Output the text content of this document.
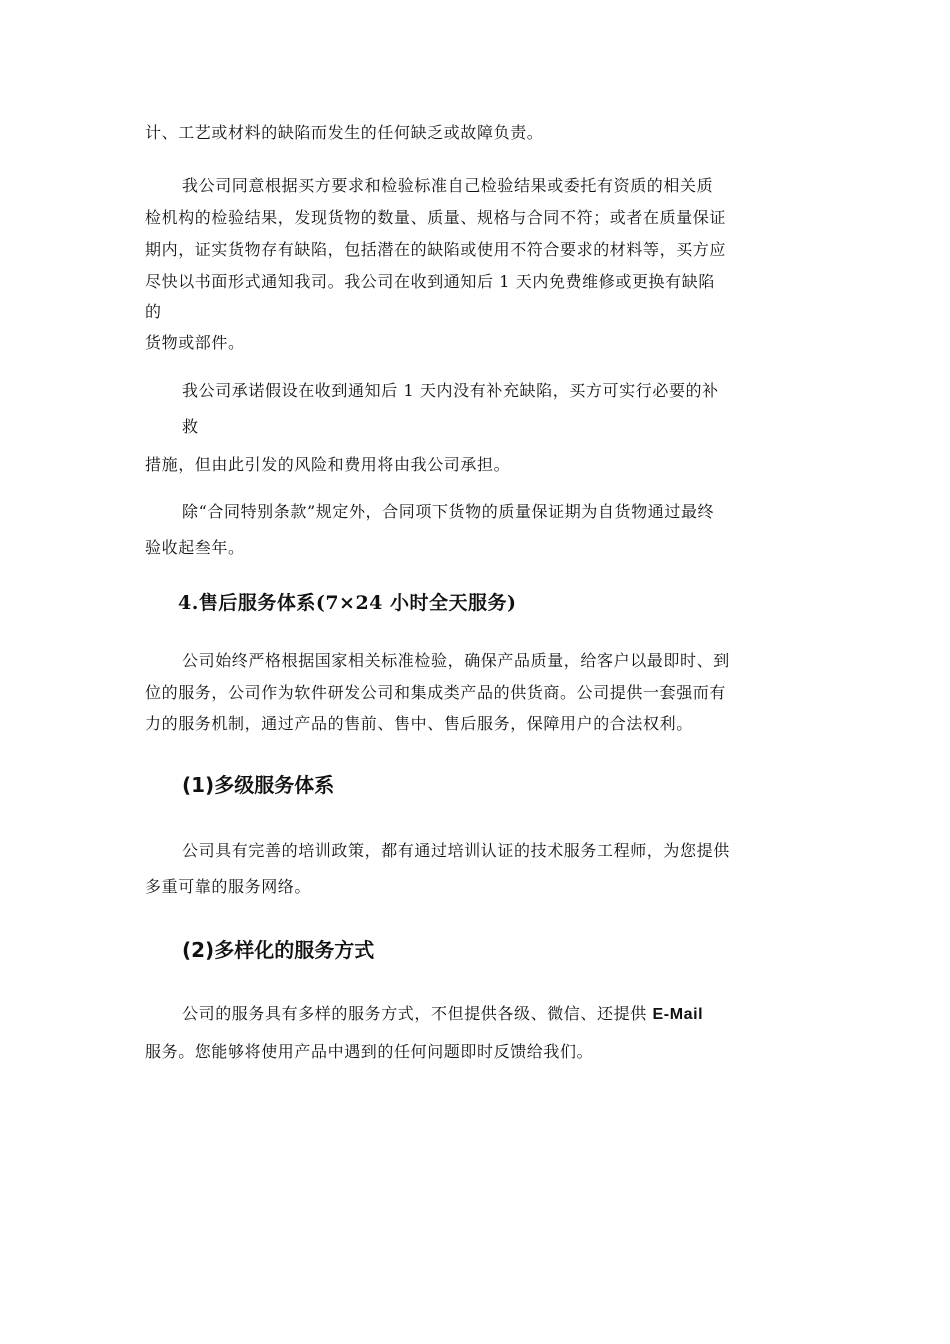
计、工艺或材料的缺陷而发生的任何缺乏或故障负责。
我公司同意根据买方要求和检验标准自己检验结果或委托有资质的相关质
检机构的检验结果，发现货物的数量、质量、规格与合同不符；或者在质量保证
期内，证实货物存有缺陷，包括潜在的缺陷或使用不符合要求的材料等，买方应
尽快以书面形式通知我司。我公司在收到通知后 1 天内免费维修或更换有缺陷
的
货物或部件。
我公司承诺假设在收到通知后 1 天内没有补充缺陷，买方可实行必要的补
救
措施，但由此引发的风险和费用将由我公司承担。
除“合同特别条款”规定外，合同项下货物的质量保证期为自货物通过最终
验收起叁年。
4.售后服务体系(7×24 小时全天服务)
公司始终严格根据国家相关标准检验，确保产品质量，给客户以最即时、到
位的服务，公司作为软件研发公司和集成类产品的供货商。公司提供一套强而有
力的服务机制，通过产品的售前、售中、售后服务，保障用户的合法权利。
(1)多级服务体系
公司具有完善的培训政策，都有通过培训认证的技术服务工程师，为您提供
多重可靠的服务网络。
(2)多样化的服务方式
公司的服务具有多样的服务方式，不但提供各级、微信、还提供 E-Mail
服务。您能够将使用产品中遇到的任何问题即时反馈给我们。
